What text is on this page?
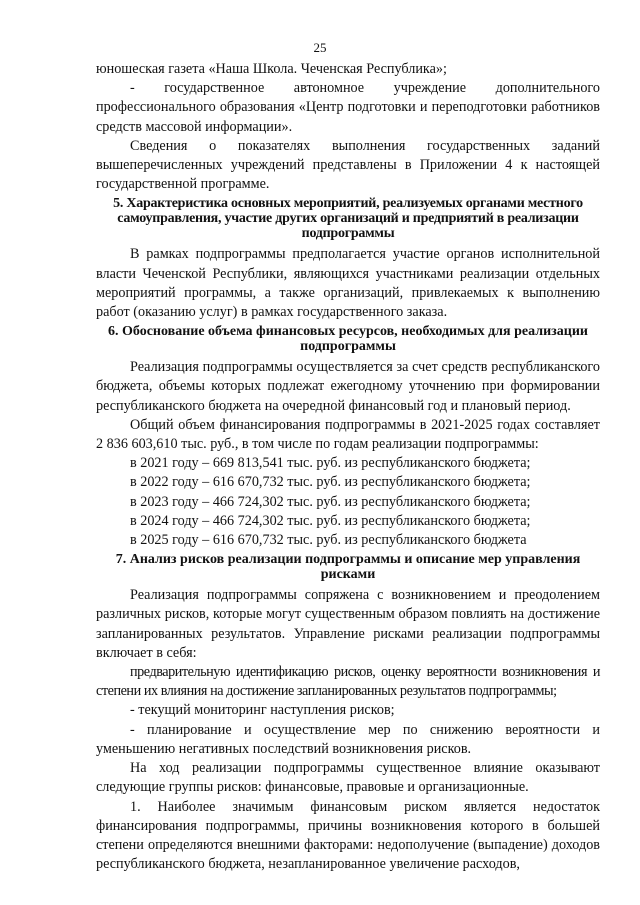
25

юношеская газета «Наша Школа. Чеченская Республика»;

- государственное автономное учреждение дополнительного профессионального образования «Центр подготовки и переподготовки работников средств массовой информации».

Сведения о показателях выполнения государственных заданий вышеперечисленных учреждений представлены в Приложении 4 к настоящей государственной программе.

5. Характеристика основных мероприятий, реализуемых органами местного самоуправления, участие других организаций и предприятий в реализации подпрограммы

В рамках подпрограммы предполагается участие органов исполнительной власти Чеченской Республики, являющихся участниками реализации отдельных мероприятий программы, а также организаций, привлекаемых к выполнению работ (оказанию услуг) в рамках государственного заказа.

6. Обоснование объема финансовых ресурсов, необходимых для реализации подпрограммы

Реализация подпрограммы осуществляется за счет средств республиканского бюджета, объемы которых подлежат ежегодному уточнению при формировании республиканского бюджета на очередной финансовый год и плановый период.

Общий объем финансирования подпрограммы в 2021-2025 годах составляет 2 836 603,610 тыс. руб., в том числе по годам реализации подпрограммы:

в 2021 году – 669 813,541 тыс. руб. из республиканского бюджета;

в 2022 году – 616 670,732 тыс. руб. из республиканского бюджета;

в 2023 году – 466 724,302 тыс. руб. из республиканского бюджета;

в 2024 году – 466 724,302 тыс. руб. из республиканского бюджета;

в 2025 году – 616 670,732 тыс. руб. из республиканского бюджета

7. Анализ рисков реализации подпрограммы и описание мер управления рисками

Реализация подпрограммы сопряжена с возникновением и преодолением различных рисков, которые могут существенным образом повлиять на достижение запланированных результатов. Управление рисками реализации подпрограммы включает в себя:

предварительную идентификацию рисков, оценку вероятности возникновения и степени их влияния на достижение запланированных результатов подпрограммы;

- текущий мониторинг наступления рисков;

- планирование и осуществление мер по снижению вероятности и уменьшению негативных последствий возникновения рисков.

На ход реализации подпрограммы существенное влияние оказывают следующие группы рисков: финансовые, правовые и организационные.

1. Наиболее значимым финансовым риском является недостаток финансирования подпрограммы, причины возникновения которого в большей степени определяются внешними факторами: недополучение (выпадение) доходов республиканского бюджета, незапланированное увеличение расходов,
